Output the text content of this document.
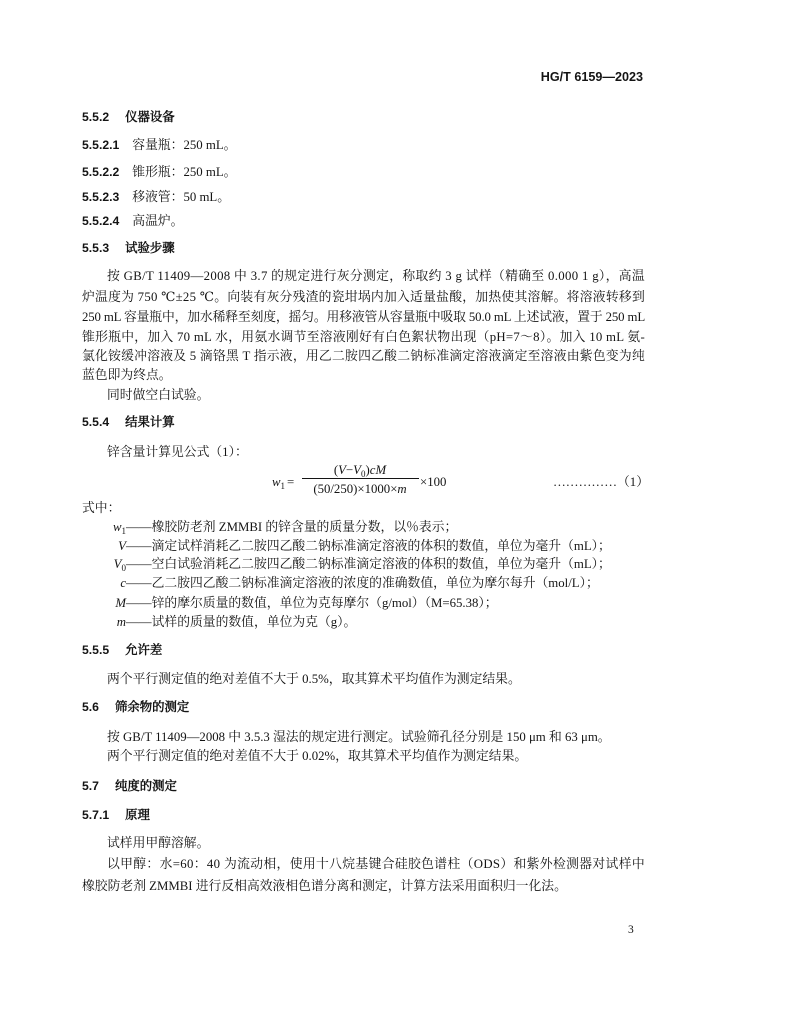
HG/T 6159—2023
5.5.2 仪器设备
5.5.2.1 容量瓶：250 mL。
5.5.2.2 锥形瓶：250 mL。
5.5.2.3 移液管：50 mL。
5.5.2.4 高温炉。
5.5.3 试验步骤
按 GB/T 11409—2008 中 3.7 的规定进行灰分测定，称取约 3 g 试样（精确至 0.000 1 g），高温
炉温度为 750 ℃±25 ℃。向装有灰分残渣的瓷坩埚内加入适量盐酸，加热使其溶解。将溶液转移到
250 mL 容量瓶中，加水稀释至刻度，摇匀。用移液管从容量瓶中吸取 50.0 mL 上述试液，置于 250 mL
锥形瓶中，加入 70 mL 水，用氨水调节至溶液刚好有白色絮状物出现（pH=7～8）。加入 10 mL 氨-
氯化铵缓冲溶液及 5 滴铬黑 T 指示液，用乙二胺四乙酸二钠标准滴定溶液滴定至溶液由紫色变为纯
蓝色即为终点。
同时做空白试验。
5.5.4 结果计算
锌含量计算见公式（1）：
$w_1$ =
$(V-V_0)cM$
(50/250)×1000×m	×100	…………… （1）
式中：
$w_1——$橡胶防老剂 ZMMBI 的锌含量的质量分数，以％表示；
V——滴定试样消耗乙二胺四乙酸二钠标准滴定溶液的体积的数值，单位为毫升（mL）；
$V_0——$空白试验消耗乙二胺四乙酸二钠标准滴定溶液的体积的数值，单位为毫升（mL）；
c——乙二胺四乙酸二钠标准滴定溶液的浓度的准确数值，单位为摩尔每升（mol/L）；
M——锌的摩尔质量的数值，单位为克每摩尔（g/mol）（M=65.38）；
m——试样的质量的数值，单位为克（g）。
5.5.5 允许差
两个平行测定值的绝对差值不大于 0.5%，取其算术平均值作为测定结果。
5.6 筛余物的测定
按 GB/T 11409—2008 中 3.5.3 湿法的规定进行测定。试验筛孔径分别是 150 μm 和 63 μm。
两个平行测定值的绝对差值不大于 0.02%，取其算术平均值作为测定结果。
5.7 纯度的测定
5.7.1 原理
试样用甲醇溶解。
以甲醇：水=60：40 为流动相，使用十八烷基键合硅胶色谱柱（ODS）和紫外检测器对试样中
橡胶防老剂 ZMMBI 进行反相高效液相色谱分离和测定，计算方法采用面积归一化法。
3
